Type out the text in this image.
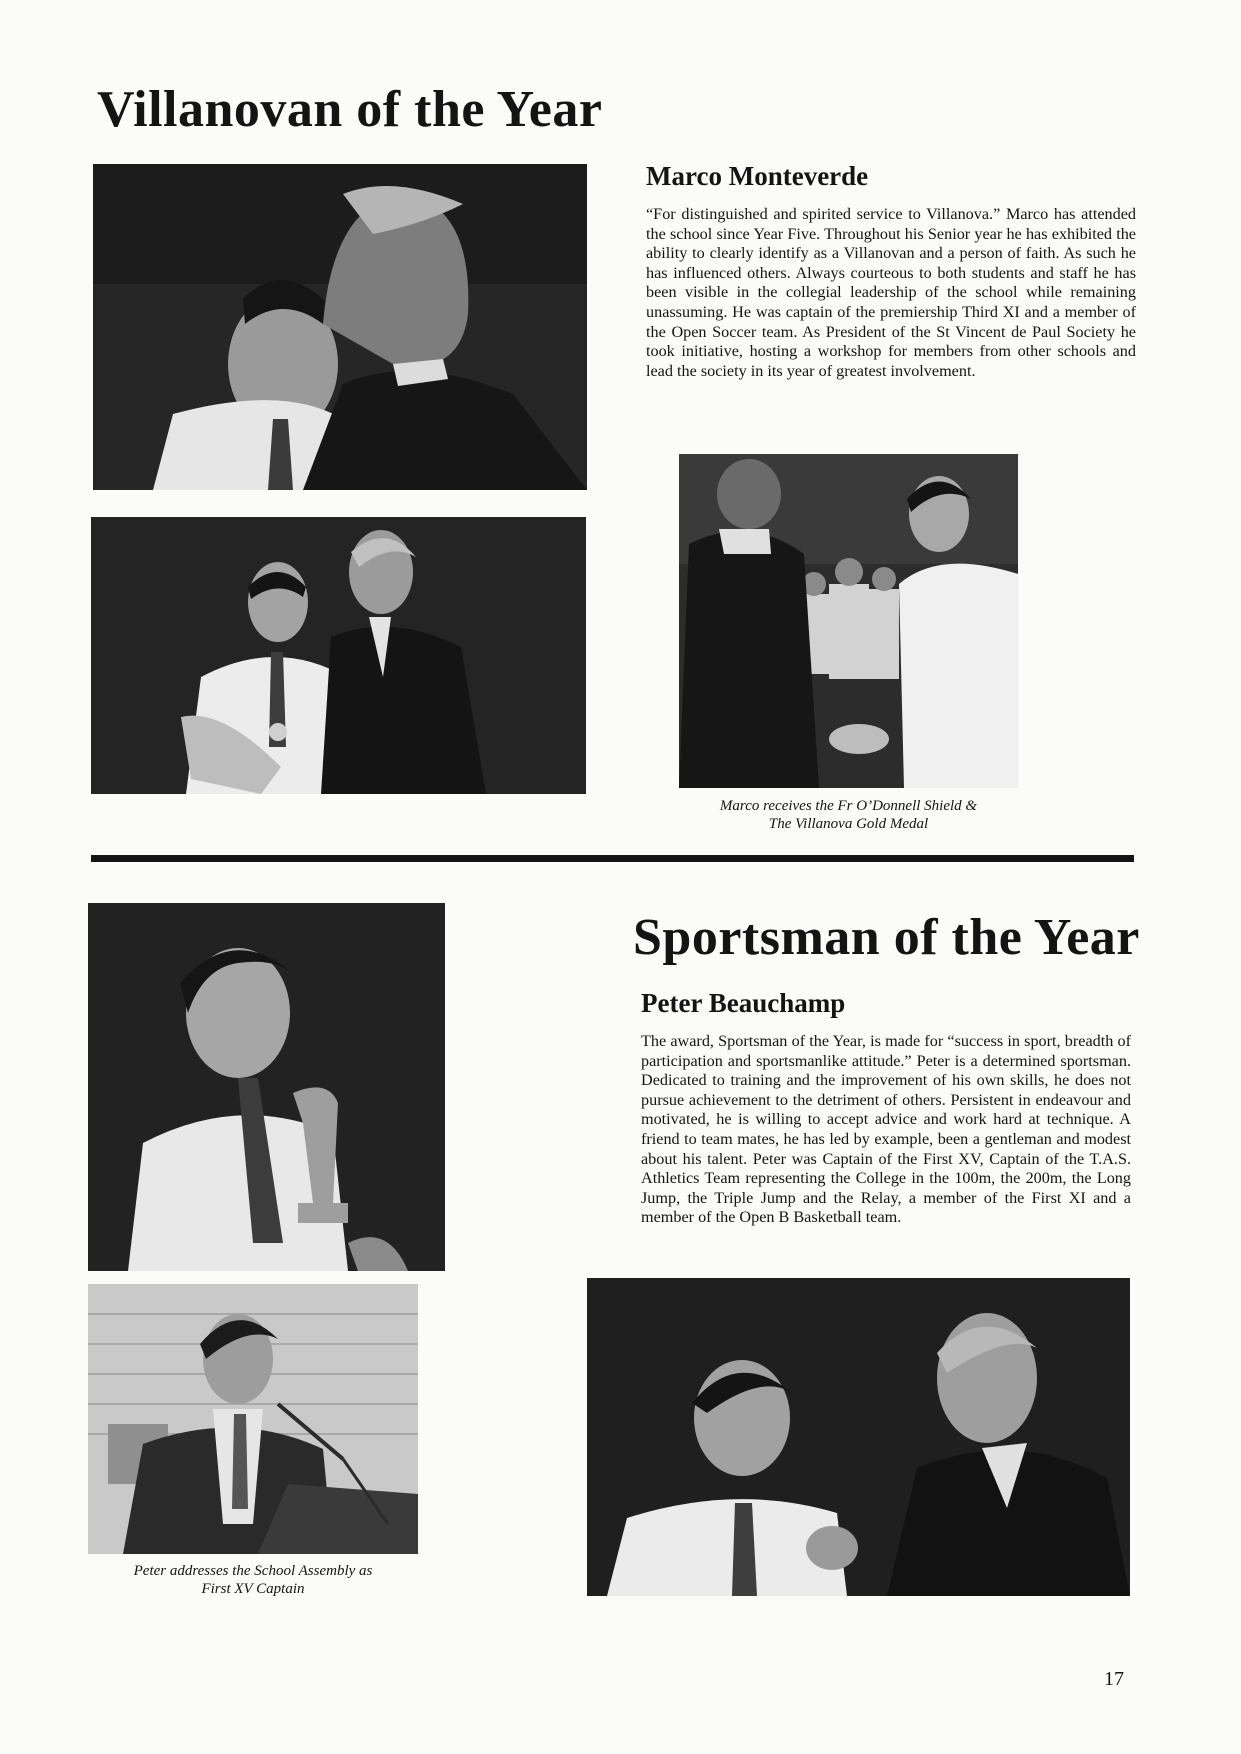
Villanovan of the Year
Marco Monteverde

“For distinguished and spirited service to Villanova.” Marco has attended the school since Year Five. Throughout his Senior year he has exhibited the ability to clearly identify as a Villanovan and a person of faith. As such he has influenced others. Always courteous to both students and staff he has been visible in the collegial leadership of the school while remaining unassuming. He was captain of the premiership Third XI and a member of the Open Soccer team. As President of the St Vincent de Paul Society he took initiative, hosting a workshop for members from other schools and lead the society in its year of greatest involvement.

Marco receives the Fr O’Donnell Shield &
The Villanova Gold Medal
Sportsman of the Year
Peter Beauchamp

The award, Sportsman of the Year, is made for “success in sport, breadth of participation and sportsmanlike attitude.” Peter is a determined sportsman. Dedicated to training and the improvement of his own skills, he does not pursue achievement to the detriment of others. Persistent in endeavour and motivated, he is willing to accept advice and work hard at technique. A friend to team mates, he has led by example, been a gentleman and modest about his talent. Peter was Captain of the First XV, Captain of the T.A.S. Athletics Team representing the College in the 100m, the 200m, the Long Jump, the Triple Jump and the Relay, a member of the First XI and a member of the Open B Basketball team.

Peter addresses the School Assembly as
First XV Captain
17
